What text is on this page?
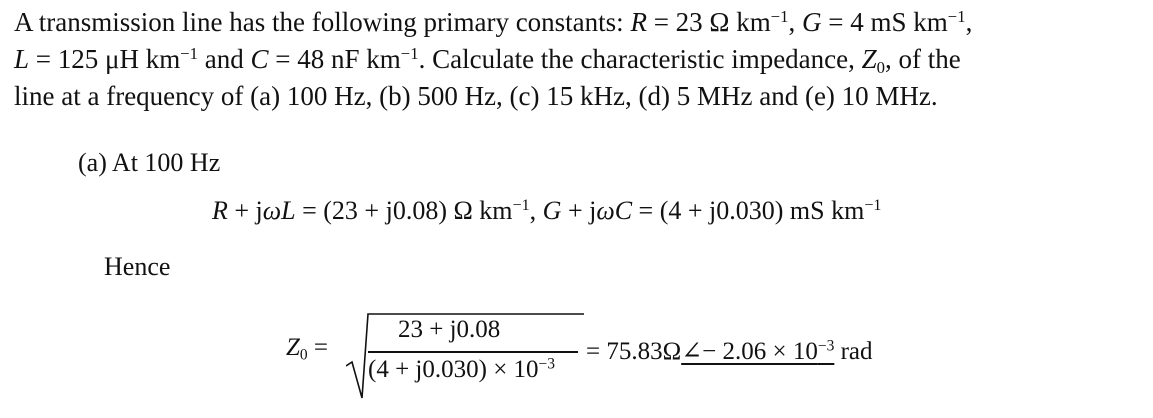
A transmission line has the following primary constants: R = 23 Ω $km^{-1}$, G = 4 mS $km^{-1}$,
L = 125 μH $km^{-1}$ and C = 48 nF $km^{-1}$. Calculate the characteristic impedance, $Z_0$, of the
line at a frequency of (a) 100 Hz, (b) 500 Hz, (c) 15 kHz, (d) 5 MHz and (e) 10 MHz.
(a) At 100 Hz
R + jωL = (23 + j0.08) Ω $km^{-1}$, G + jωC = (4 + j0.030) mS $km^{-1}$
Hence
$Z_0$ =
23 + j0.08
$(4 + j0.030) \times 10^{-3}$ = 75.83Ω∠− $2.06 \times 10^{-3}$ rad
